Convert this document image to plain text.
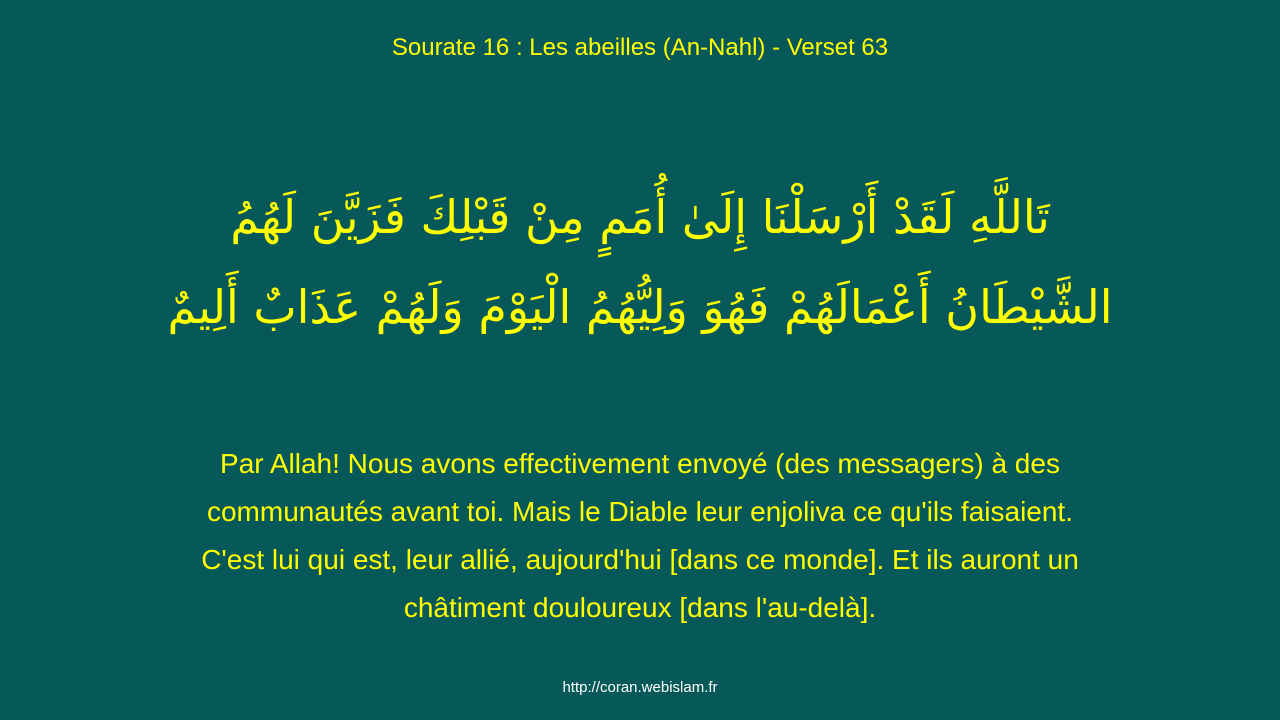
Sourate 16 : Les abeilles (An-Nahl) - Verset 63
تَاللَّهِ لَقَدْ أَرْسَلْنَا إِلَىٰ أُمَمٍ مِنْ قَبْلِكَ فَزَيَّنَ لَهُمُ الشَّيْطَانُ أَعْمَالَهُمْ فَهُوَ وَلِيُّهُمُ الْيَوْمَ وَلَهُمْ عَذَابٌ أَلِيمٌ
Par Allah! Nous avons effectivement envoyé (des messagers) à des communautés avant toi. Mais le Diable leur enjoliva ce qu'ils faisaient. C'est lui qui est, leur allié, aujourd'hui [dans ce monde]. Et ils auront un châtiment douloureux [dans l'au-delà].
http://coran.webislam.fr
